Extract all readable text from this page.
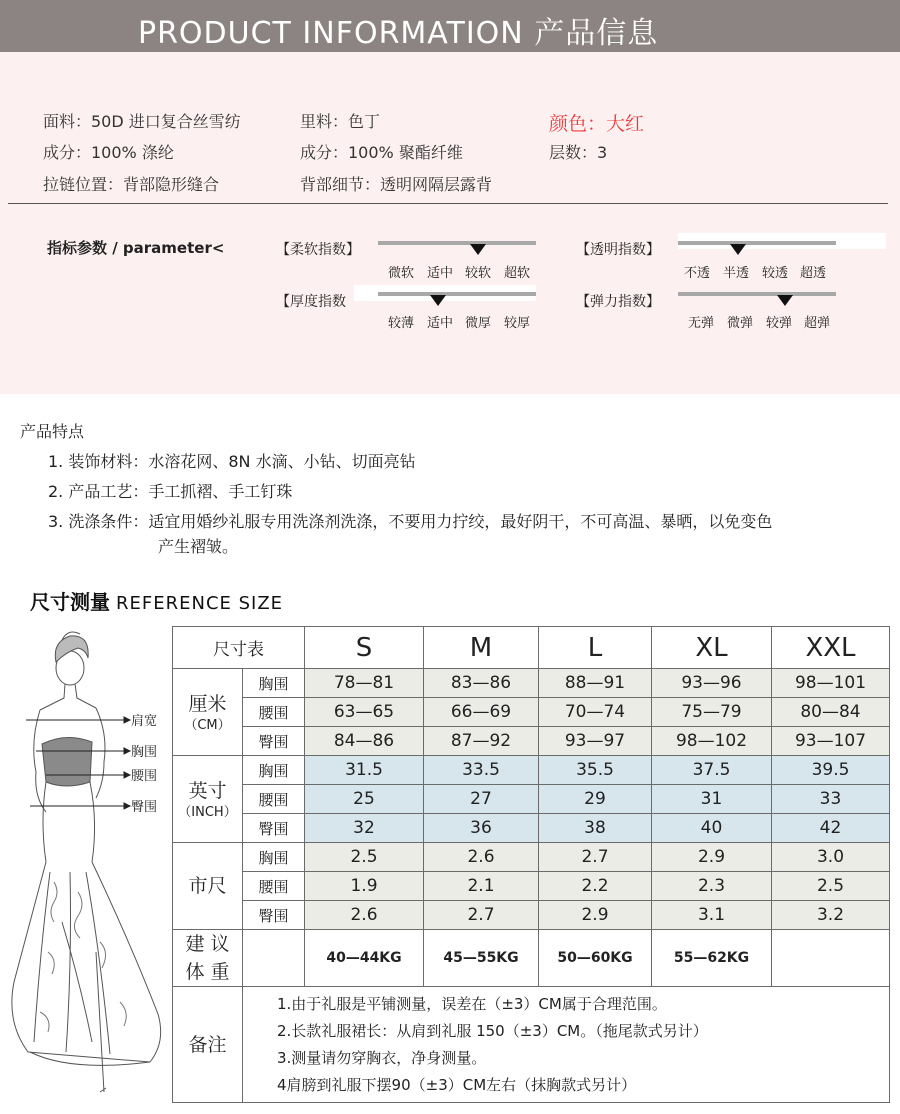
PRODUCT INFORMATION 产品信息
面料：50D 进口复合丝雪纺	里料：色丁	颜色：大红
成分：100% 涤纶	成分：100% 聚酯纤维	层数：3
拉链位置：背部隐形缝合	背部细节：透明网隔层露背
指标参数 / parameter<	【柔软指数】
微软 适中 较软 超软
【透明指数】
不透 半透 较透 超透
【厚度指数
较薄 适中 微厚 较厚
【弹力指数】
无弹 微弹 较弹 超弹
产品特点
1. 装饰材料：水溶花网、8N 水滴、小钻、切面亮钻
2. 产品工艺：手工抓褶、手工钉珠
3. 洗涤条件：适宜用婚纱礼服专用洗涤剂洗涤，不要用力拧绞，最好阴干，不可高温、暴晒，以免变色
产生褶皱。
尺寸测量 REFERENCE SIZE
肩宽
胸围
腰围
臀围
尺寸表		S	M	L	XL	XXL
厘米
（CM）	胸围	78—81	83—86	88—91	93—96	98—101
	腰围	63—65	66—69	70—74	75—79	80—84
	臀围	84—86	87—92	93—97	98—102	93—107
英寸
（INCH）	胸围	31.5	33.5	35.5	37.5	39.5
	腰围	25	27	29	31	33
	臀围	32	36	38	40	42
市尺	胸围	2.5	2.6	2.7	2.9	3.0
	腰围	1.9	2.1	2.2	2.3	2.5
	臀围	2.6	2.7	2.9	3.1	3.2

建 议
体 重		40—44KG	45—55KG	50—60KG	55—62KG	
备注	1.由于礼服是平铺测量，误差在（±3）CM属于合理范围。
2.长款礼服裙长：从肩到礼服 150（±3）CM。（拖尾款式另计）
3.测量请勿穿胸衣，净身测量。
4肩膀到礼服下摆90（±3）CM左右（抹胸款式另计）					
